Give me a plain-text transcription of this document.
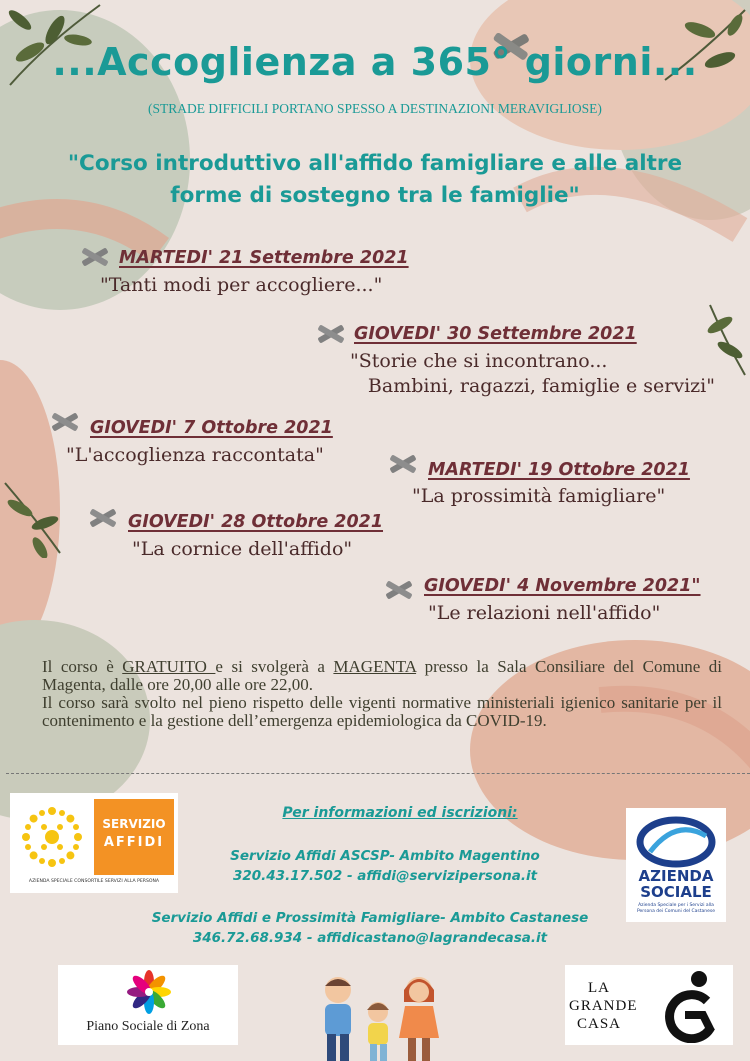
...Accoglienza a 365° giorni...
(STRADE DIFFICILI PORTANO SPESSO A DESTINAZIONI MERAVIGLIOSE)
"Corso introduttivo all'affido famigliare e alle altre
forme di sostegno tra le famiglie"
MARTEDI' 21 Settembre 2021
"Tanti modi per accogliere..."
GIOVEDI' 30 Settembre 2021
"Storie che si incontrano...
Bambini, ragazzi, famiglie e servizi"
GIOVEDI' 7 Ottobre 2021
"L'accoglienza raccontata"
MARTEDI' 19 Ottobre 2021
"La prossimità famigliare"
GIOVEDI' 28 Ottobre 2021
"La cornice dell'affido"
GIOVEDI' 4 Novembre 2021"
"Le relazioni nell'affido"

Il corso è GRATUITO e si svolgerà a MAGENTA presso la Sala Consiliare del Comune di Magenta, dalle ore 20,00 alle ore 22,00.

Il corso sarà svolto nel pieno rispetto delle vigenti normative ministeriali igienico sanitarie per il contenimento e la gestione dell’emergenza epidemiologica da COVID-19.

SERVIZIO
AFFIDI
AZIENDA SPECIALE CONSORTILE SERVIZI ALLA PERSONA
Per informazioni ed iscrizioni:
Servizio Affidi ASCSP- Ambito Magentino
320.43.17.502 - affidi@servizipersona.it
Servizio Affidi e Prossimità Famigliare- Ambito Castanese
346.72.68.934 - affidicastano@lagrandecasa.it
AZIENDA
SOCIALE
Azienda Speciale per i Servizi alla Persona dei Comuni del Castanese
Piano Sociale di Zona
LA
GRANDE
CASA
